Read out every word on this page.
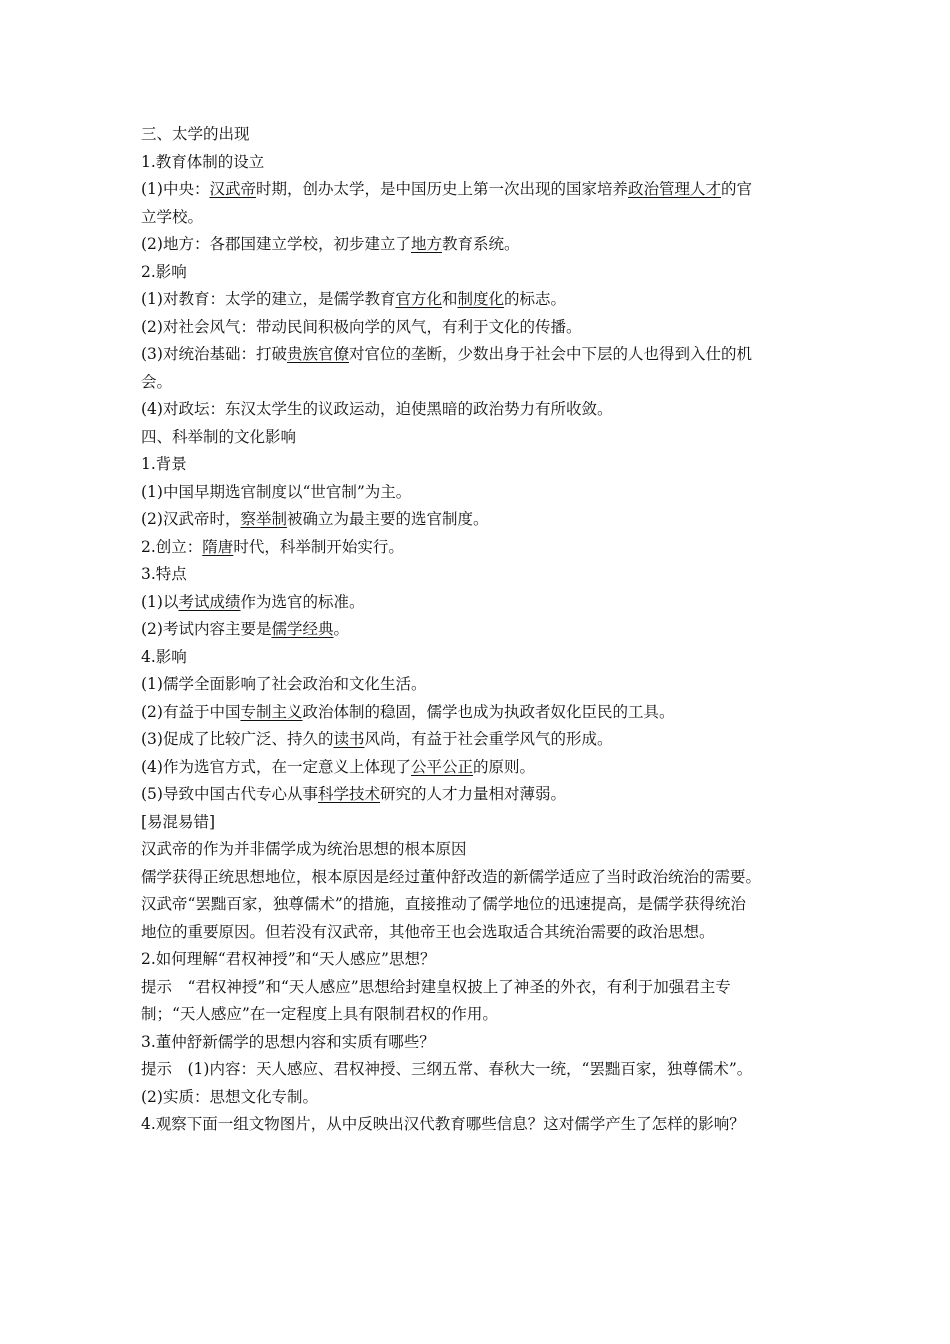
三、太学的出现

1.教育体制的设立

(1)中央：汉武帝时期，创办太学，是中国历史上第一次出现的国家培养政治管理人才的官

立学校。

(2)地方：各郡国建立学校，初步建立了地方教育系统。

2.影响

(1)对教育：太学的建立，是儒学教育官方化和制度化的标志。

(2)对社会风气：带动民间积极向学的风气，有利于文化的传播。

(3)对统治基础：打破贵族官僚对官位的垄断，少数出身于社会中下层的人也得到入仕的机

会。

(4)对政坛：东汉太学生的议政运动，迫使黑暗的政治势力有所收敛。

四、科举制的文化影响

1.背景

(1)中国早期选官制度以“世官制”为主。

(2)汉武帝时，察举制被确立为最主要的选官制度。

2.创立：隋唐时代，科举制开始实行。

3.特点

(1)以考试成绩作为选官的标准。

(2)考试内容主要是儒学经典。

4.影响

(1)儒学全面影响了社会政治和文化生活。

(2)有益于中国专制主义政治体制的稳固，儒学也成为执政者奴化臣民的工具。

(3)促成了比较广泛、持久的读书风尚，有益于社会重学风气的形成。

(4)作为选官方式，在一定意义上体现了公平公正的原则。

(5)导致中国古代专心从事科学技术研究的人才力量相对薄弱。

[易混易错]

汉武帝的作为并非儒学成为统治思想的根本原因

儒学获得正统思想地位，根本原因是经过董仲舒改造的新儒学适应了当时政治统治的需要。

汉武帝“罢黜百家，独尊儒术”的措施，直接推动了儒学地位的迅速提高，是儒学获得统治

地位的重要原因。但若没有汉武帝，其他帝王也会选取适合其统治需要的政治思想。

2.如何理解“君权神授”和“天人感应”思想？

提示　“君权神授”和“天人感应”思想给封建皇权披上了神圣的外衣，有利于加强君主专

制；“天人感应”在一定程度上具有限制君权的作用。

3.董仲舒新儒学的思想内容和实质有哪些？

提示　(1)内容：天人感应、君权神授、三纲五常、春秋大一统，“罢黜百家，独尊儒术”。

(2)实质：思想文化专制。

4.观察下面一组文物图片，从中反映出汉代教育哪些信息？这对儒学产生了怎样的影响？
